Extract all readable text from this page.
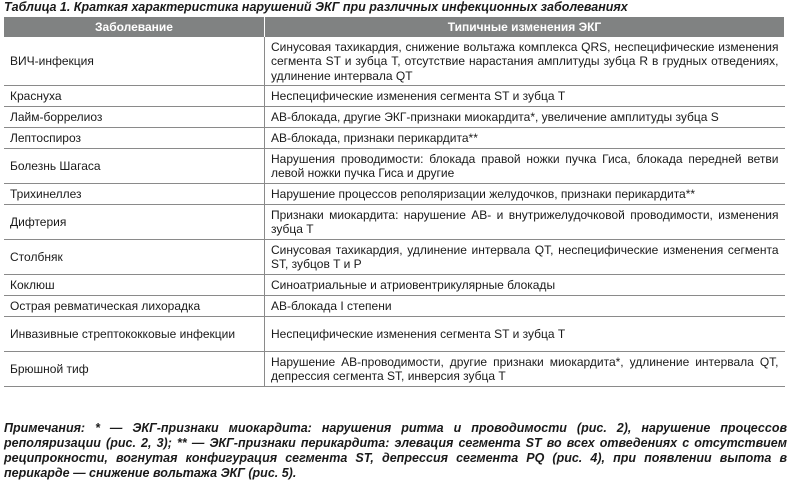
Таблица 1. Краткая характеристика нарушений ЭКГ при различных инфекционных заболеваниях
Заболевание	Типичные изменения ЭКГ
ВИЧ-инфекция	Синусовая тахикардия, снижение вольтажа комплекса QRS, неспецифические изменения сегмента ST и зубца T, отсутствие нарастания амплитуды зубца R в грудных отведениях, удлинение интервала QT
Краснуха	Неспецифические изменения сегмента ST и зубца T
Лайм-боррелиоз	АВ-блокада, другие ЭКГ-признаки миокардита*, увеличение амплитуды зубца S
Лептоспироз	АВ-блокада, признаки перикардита**
Болезнь Шагаса	Нарушения проводимости: блокада правой ножки пучка Гиса, блокада передней ветви левой ножки пучка Гиса и другие
Трихинеллез	Нарушение процессов реполяризации желудочков, признаки перикардита**
Дифтерия	Признаки миокардита: нарушение АВ- и внутрижелудочковой проводимости, изменения зубца T
Столбняк	Синусовая тахикардия, удлинение интервала QT, неспецифические изменения сегмента ST, зубцов T и P
Коклюш	Синоатриальные и атриовентрикулярные блокады
Острая ревматическая лихорадка	АВ-блокада I степени
Инвазивные стрептококковые инфекции	Неспецифические изменения сегмента ST и зубца T
Брюшной тиф	Нарушение АВ-проводимости, другие признаки миокардита*, удлинение интервала QT, депрессия сегмента ST, инверсия зубца T
Примечания: * — ЭКГ-признаки миокардита: нарушения ритма и проводимости (рис. 2), нарушение процессов реполяризации (рис. 2, 3); ** — ЭКГ-признаки перикардита: элевация сегмента ST во всех отведениях с отсутствием реципрокности, вогнутая конфигурация сегмента ST, депрессия сегмента PQ (рис. 4), при появлении выпота в перикарде — снижение вольтажа ЭКГ (рис. 5).
